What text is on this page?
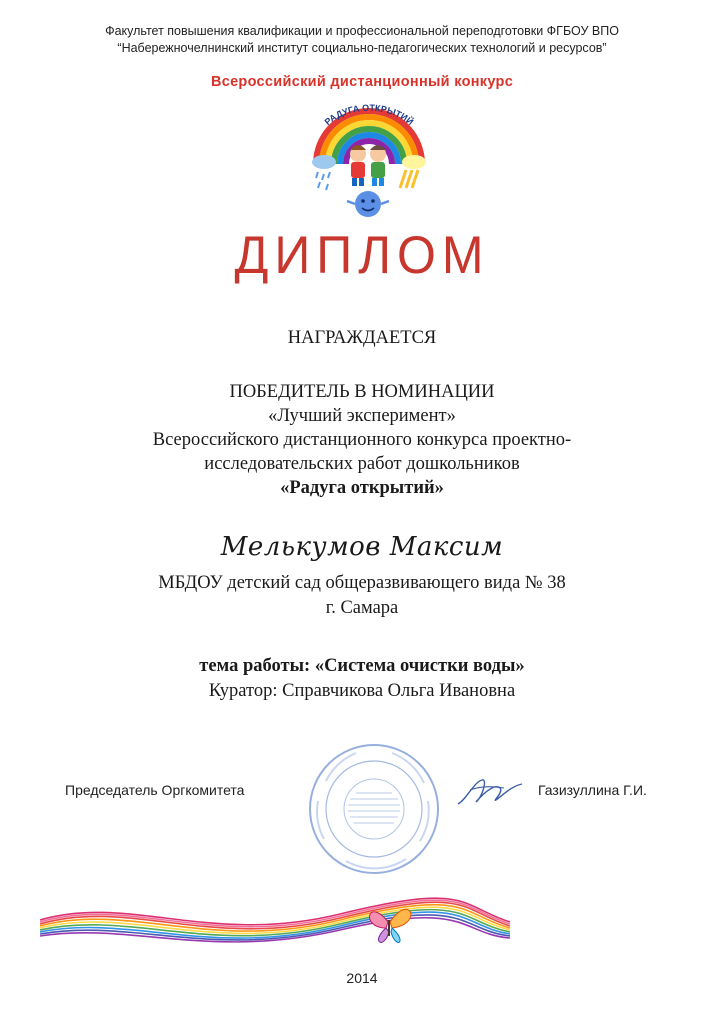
Факультет повышения квалификации и профессиональной переподготовки ФГБОУ ВПО
“Набережночелнинский институт социально-педагогических технологий и ресурсов”
Всероссийский дистанционный конкурс
РАДУГА ОТКРЫТИЙ
ДИПЛОМ
НАГРАЖДАЕТСЯ
ПОБЕДИТЕЛЬ В НОМИНАЦИИ
«Лучший эксперимент»
Всероссийского дистанционного конкурса проектно-
исследовательских работ дошкольников
«Радуга открытий»
Мелькумов Максим
МБДОУ детский сад общеразвивающего вида № 38
г. Самара
тема работы: «Система очистки воды»
Куратор: Справчикова Ольга Ивановна
Председатель Оргкомитета	Газизуллина Г.И.
2014
